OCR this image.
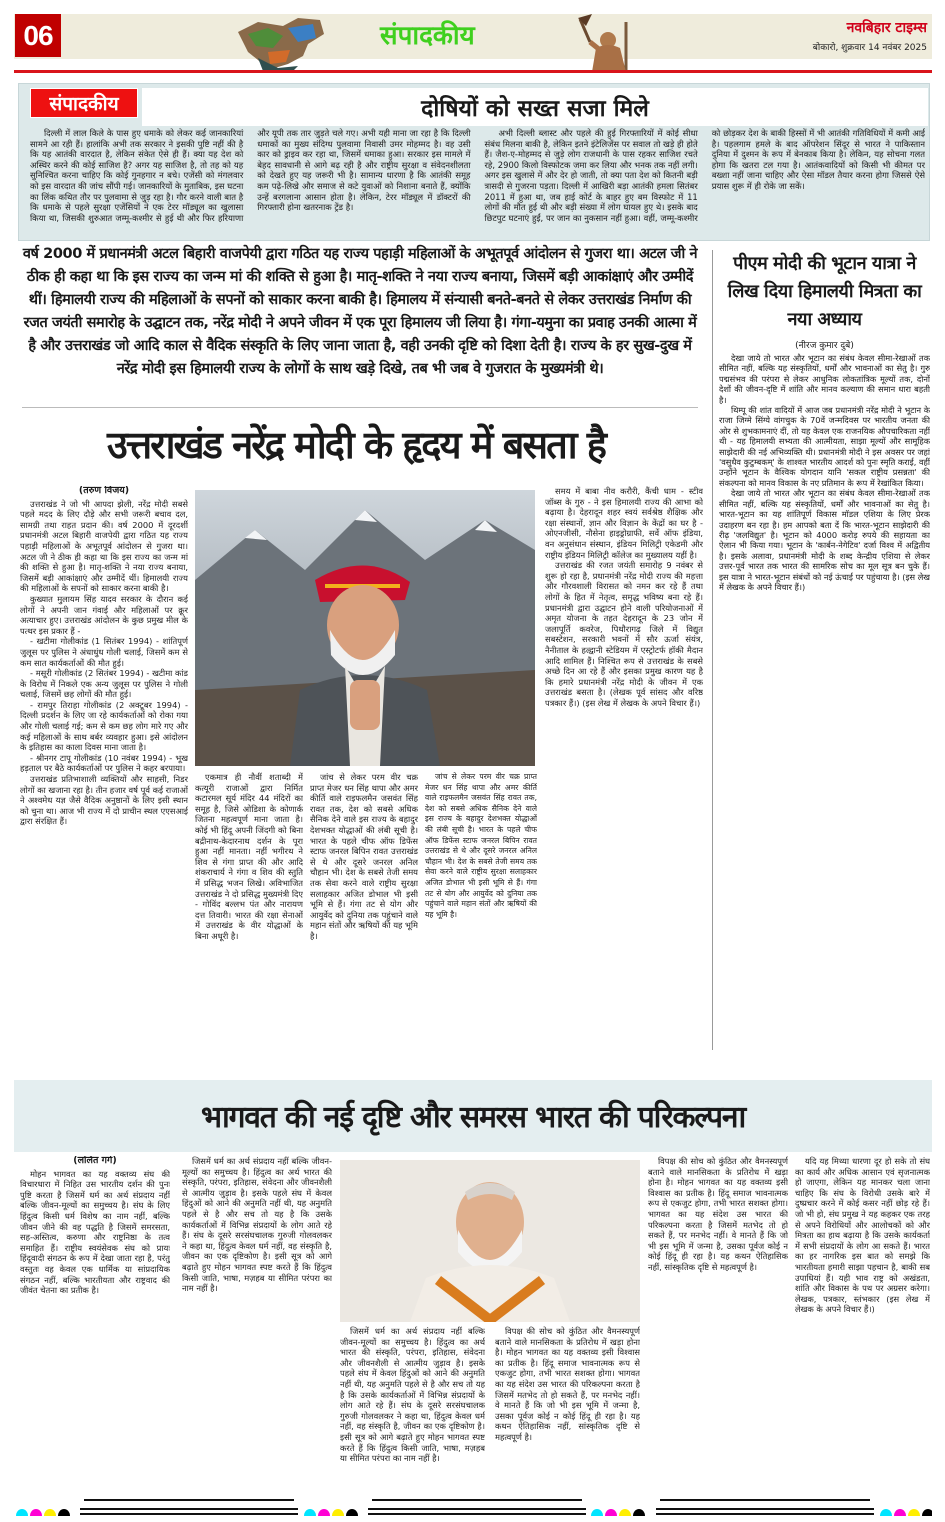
06	संपादकीय	नवबिहार टाइम्स
बोकारो, शुक्रवार 14 नवंबर 2025
संपादकीय	दोषियों को सख्त सजा मिले

दिल्ली में लाल किले के पास हुए धमाके को लेकर कई जानकारियां सामने आ रही हैं। हालांकि अभी तक सरकार ने इसकी पुष्टि नहीं की है कि यह आतंकी वारदात है, लेकिन संकेत ऐसे ही हैं। क्या यह देश को अस्थिर करने की कोई साजिश है? अगर यह साजिश है, तो तह को यह सुनिश्चित करना चाहिए कि कोई गुनहगार न बचे। एजेंसी को मंगलवार को इस वारदात की जांच सौंपी गई। जानकारियों के मुताबिक, इस घटना का लिंक कथित तौर पर पुलवामा से जुड़ रहा है। गौर करने वाली बात है कि धमाके से पहले सुरक्षा एजेंसियों ने एक टेरर मॉड्यूल का खुलासा किया था, जिसकी शुरुआत जम्मू-कश्मीर से हुई थी और फिर हरियाणा और यूपी तक तार जुड़ते चले गए। अभी यही माना जा रहा है कि दिल्ली धमाकों का मुख्य संदिग्ध पुलवामा निवासी उमर मोहम्मद है। वह उसी कार को ड्राइव कर रहा था, जिसमें धमाका हुआ। सरकार इस मामले में बेहद सावधानी से आगे बढ़ रही है और राष्ट्रीय सुरक्षा व संवेदनशीलता को देखते हुए यह जरूरी भी है। सामान्य धारणा है कि आतंकी समूह कम पढ़े-लिखे और समाज से कटे युवाओं को निशाना बनाते हैं, क्योंकि उन्हें बरगलाना आसान होता है। लेकिन, टेरर मॉड्यूल में डॉक्टरों की गिरफ्तारी होना खतरनाक ट्रेंड है।

अभी दिल्ली ब्लास्ट और पहले की हुई गिरफ्तारियों में कोई सीधा संबंध मिलना बाकी है, लेकिन इतने इंटेलिजेंस पर सवाल तो खड़े ही होते हैं। जैश-ए-मोहम्मद से जुड़े लोग राजधानी के पास रहकर साजिश रचते रहे, 2900 किलो विस्फोटक जमा कर लिया और भनक तक नहीं लगी। अगर इस खुलासे में और देर हो जाती, तो क्या पता देश को कितनी बड़ी त्रासदी से गुजरना पड़ता। दिल्ली में आखिरी बड़ा आतंकी हमला सितंबर 2011 में हुआ था, जब हाई कोर्ट के बाहर हुए बम विस्फोट में 11 लोगों की मौत हुई थी और बड़ी संख्या में लोग घायल हुए थे। इसके बाद छिटपुट घटनाएं हुईं, पर जान का नुकसान नहीं हुआ। वहीं, जम्मू-कश्मीर को छोड़कर देश के बाकी हिस्सों में भी आतंकी गतिविधियों में कमी आई है। पहलगाम हमले के बाद ऑपरेशन सिंदूर से भारत ने पाकिस्तान दुनिया में दुश्मन के रूप में बेनकाब किया है। लेकिन, यह सोचना गलत होगा कि खतरा टल गया है। आतंकवादियों को किसी भी कीमत पर बख्शा नहीं जाना चाहिए और ऐसा मॉडल तैयार करना होगा जिससे ऐसे प्रयास शुरू में ही रोके जा सकें।

वर्ष 2000 में प्रधानमंत्री अटल बिहारी वाजपेयी द्वारा गठित यह राज्य पहाड़ी महिलाओं के अभूतपूर्व आंदोलन से गुजरा था। अटल जी ने ठीक ही कहा था कि इस राज्य का जन्म मां की शक्ति से हुआ है। मातृ-शक्ति ने नया राज्य बनाया, जिसमें बड़ी आकांक्षाएं और उम्मीदें थीं। हिमालयी राज्य की महिलाओं के सपनों को साकार करना बाकी है। हिमालय में संन्यासी बनते-बनते से लेकर उत्तराखंड निर्माण की रजत जयंती समारोह के उद्घाटन तक, नरेंद्र मोदी ने अपने जीवन में एक पूरा हिमालय जी लिया है। गंगा-यमुना का प्रवाह उनकी आत्मा में है और उत्तराखंड जो आदि काल से वैदिक संस्कृति के लिए जाना जाता है, वही उनकी दृष्टि को दिशा देती है। राज्य के हर सुख-दुख में नरेंद्र मोदी इस हिमालयी राज्य के लोगों के साथ खड़े दिखे, तब भी जब वे गुजरात के मुख्यमंत्री थे।
पीएम मोदी की भूटान यात्रा ने लिख दिया हिमालयी मित्रता का नया अध्याय
(नीरज कुमार दुबे)

देखा जाये तो भारत और भूटान का संबंध केवल सीमा-रेखाओं तक सीमित नहीं, बल्कि यह संस्कृतियों, धर्मों और भावनाओं का सेतु है। गुरु पद्मसंभव की परंपरा से लेकर आधुनिक लोकतांत्रिक मूल्यों तक, दोनों देशों की जीवन-दृष्टि में शांति और मानव कल्याण की समान धारा बहती है।

थिम्पू की शांत वादियों में आज जब प्रधानमंत्री नरेंद्र मोदी ने भूटान के राजा जिग्मे सिंग्ये वांगचुक के 70वें जन्मदिवस पर भारतीय जनता की ओर से शुभकामनाएं दीं, तो यह केवल एक राजनयिक औपचारिकता नहीं थी - यह हिमालयी सभ्यता की आत्मीयता, साझा मूल्यों और सामूहिक साझेदारी की नई अभिव्यक्ति थी। प्रधानमंत्री मोदी ने इस अवसर पर जहां 'वसुधैव कुटुम्बकम्' के शाश्वत भारतीय आदर्श को पुनः स्मृति कराई, वहीं उन्होंने भूटान के वैश्विक योगदान यानि 'सकल राष्ट्रीय प्रसन्नता' की संकल्पना को मानव विकास के नए प्रतिमान के रूप में रेखांकित किया।

देखा जाये तो भारत और भूटान का संबंध केवल सीमा-रेखाओं तक सीमित नहीं, बल्कि यह संस्कृतियों, धर्मों और भावनाओं का सेतु है। भारत-भूटान का यह शांतिपूर्ण विकास मॉडल एशिया के लिए प्रेरक उदाहरण बन रहा है। हम आपको बता दें कि भारत-भूटान साझेदारी की रीढ़ 'जलविद्युत' है। भूटान को 4000 करोड़ रुपये की सहायता का ऐलान भी किया गया। भूटान के 'कार्बन-नेगेटिव' दर्जा विश्व में अद्वितीय है। इसके अलावा, प्रधानमंत्री मोदी के शब्द केन्द्रीय एशिया से लेकर उत्तर-पूर्व भारत तक भारत की सामरिक सोच का मूल सूत्र बन चुके हैं। इस यात्रा ने भारत-भूटान संबंधों को नई ऊंचाई पर पहुंचाया है। (इस लेख में लेखक के अपने विचार हैं।)

उत्तराखंड नरेंद्र मोदी के हृदय में बसता है
(तरुण विजय)

उत्तराखंड ने जो भी आपदा झेली, नरेंद्र मोदी सबसे पहले मदद के लिए दौड़े और सभी जरूरी बचाव दल, सामग्री तथा राहत प्रदान की। वर्ष 2000 में दूरदर्शी प्रधानमंत्री अटल बिहारी वाजपेयी द्वारा गठित यह राज्य पहाड़ी महिलाओं के अभूतपूर्व आंदोलन से गुजरा था। अटल जी ने ठीक ही कहा था कि इस राज्य का जन्म मां की शक्ति से हुआ है। मातृ-शक्ति ने नया राज्य बनाया, जिसमें बड़ी आकांक्षाएं और उम्मीदें थीं। हिमालयी राज्य की महिलाओं के सपनों को साकार करना बाकी है।

कुख्यात मुलायम सिंह यादव सरकार के दौरान कई लोगों ने अपनी जान गंवाई और महिलाओं पर क्रूर अत्याचार हुए। उत्तराखंड आंदोलन के कुछ प्रमुख मील के पत्थर इस प्रकार हैं -

- खटीमा गोलीकांड (1 सितंबर 1994) - शांतिपूर्ण जुलूस पर पुलिस ने अंधाधुंध गोली चलाई, जिसमें कम से कम सात कार्यकर्ताओं की मौत हुई।

- मसूरी गोलीकांड (2 सितंबर 1994) - खटीमा कांड के विरोध में निकले एक अन्य जुलूस पर पुलिस ने गोली चलाई, जिसमें छह लोगों की मौत हुई।

- रामपुर तिराहा गोलीकांड (2 अक्टूबर 1994) - दिल्ली प्रदर्शन के लिए जा रहे कार्यकर्ताओं को रोका गया और गोली चलाई गई; कम से कम छह लोग मारे गए और कई महिलाओं के साथ बर्बर व्यवहार हुआ। इसे आंदोलन के इतिहास का काला दिवस माना जाता है।

- श्रीनगर टापू गोलीकांड (10 नवंबर 1994) - भूख हड़ताल पर बैठे कार्यकर्ताओं पर पुलिस ने कहर बरपाया।

उत्तराखंड प्रतिभाशाली व्यक्तियों और साहसी, निडर लोगों का खजाना रहा है। तीन हजार वर्ष पूर्व कई राजाओं ने अश्वमेध यज्ञ जैसे वैदिक अनुष्ठानों के लिए इसी स्थान को चुना था। आज भी राज्य में दो प्राचीन स्थल एएसआई द्वारा संरक्षित हैं।

एकमात्र ही नौवीं शताब्दी में कत्यूरी राजाओं द्वारा निर्मित कटारमल सूर्य मंदिर 44 मंदिरों का समूह है, जिसे ओडिशा के कोणार्क जितना महत्वपूर्ण माना जाता है। कोई भी हिंदू अपनी जिंदगी को बिना बद्रीनाथ-केदारनाथ दर्शन के पूरा हुआ नहीं मानता। नहीं भगीरथ ने शिव से गंगा प्राप्त की और आदि शंकराचार्य ने गंगा व शिव की स्तुति में प्रसिद्ध भजन लिखे। अविभाजित उत्तराखंड ने दो प्रसिद्ध मुख्यमंत्री दिए - गोविंद बल्लभ पंत और नारायण दत्त तिवारी। भारत की रक्षा सेनाओं में उत्तराखंड के वीर योद्धाओं के बिना अधूरी है।

जांच से लेकर परम वीर चक्र प्राप्त मेजर धन सिंह थापा और अमर कीर्ति वाले राइफलमैन जसवंत सिंह रावत तक, देश को सबसे अधिक सैनिक देने वाले इस राज्य के बहादुर देशभक्त योद्धाओं की लंबी सूची है। भारत के पहले चीफ ऑफ डिफेंस स्टाफ जनरल बिपिन रावत उत्तराखंड से थे और दूसरे जनरल अनिल चौहान भी। देश के सबसे तेजी समय तक सेवा करने वाले राष्ट्रीय सुरक्षा सलाहकार अजित डोभाल भी इसी भूमि से हैं। गंगा तट से योग और आयुर्वेद को दुनिया तक पहुंचाने वाले महान संतों और ऋषियों की यह भूमि है।

जांच से लेकर परम वीर चक्र प्राप्त मेजर धन सिंह थापा और अमर कीर्ति वाले राइफलमैन जसवंत सिंह रावत तक, देश को सबसे अधिक सैनिक देने वाले इस राज्य के बहादुर देशभक्त योद्धाओं की लंबी सूची है। भारत के पहले चीफ ऑफ डिफेंस स्टाफ जनरल बिपिन रावत उत्तराखंड से थे और दूसरे जनरल अनिल चौहान भी। देश के सबसे तेजी समय तक सेवा करने वाले राष्ट्रीय सुरक्षा सलाहकार अजित डोभाल भी इसी भूमि से हैं। गंगा तट से योग और आयुर्वेद को दुनिया तक पहुंचाने वाले महान संतों और ऋषियों की यह भूमि है।

समय में बाबा नीव करौरी, कैंची धाम - स्टीव जॉब्स के गुरु - ने इस हिमालयी राज्य की आभा को बढ़ाया है। देहरादून शहर स्वयं सर्वश्रेष्ठ शैक्षिक और रक्षा संस्थानों, ज्ञान और विज्ञान के केंद्रों का घर है - ओएनजीसी, नौसेना हाइड्रोग्राफी, सर्वे ऑफ इंडिया, वन अनुसंधान संस्थान, इंडियन मिलिट्री एकेडमी और राष्ट्रीय इंडियन मिलिट्री कॉलेज का मुख्यालय यहीं है।

उत्तराखंड की रजत जयंती समारोह 9 नवंबर से शुरू हो रहा है, प्रधानमंत्री नरेंद्र मोदी राज्य की महत्ता और गौरवशाली विरासत को नमन कर रहे हैं तथा लोगों के हित में नेतृत्व, समृद्ध भविष्य बना रहे हैं। प्रधानमंत्री द्वारा उद्घाटन होने वाली परियोजनाओं में अमृत योजना के तहत देहरादून के 23 जोन में जलापूर्ति कवरेज, पिथौरागढ़ जिले में विद्युत सबस्टेशन, सरकारी भवनों में सौर ऊर्जा संयंत्र, नैनीताल के हल्द्वानी स्टेडियम में एस्ट्रोटर्फ हॉकी मैदान आदि शामिल हैं। निश्चित रूप से उत्तराखंड के सबसे अच्छे दिन आ रहे हैं और इसका प्रमुख कारण यह है कि हमारे प्रधानमंत्री नरेंद्र मोदी के जीवन में एक उत्तराखंड बसता है। (लेखक पूर्व सांसद और वरिष्ठ पत्रकार हैं।) (इस लेख में लेखक के अपने विचार हैं।)

भागवत की नई दृष्टि और समरस भारत की परिकल्पना
(ललित गर्ग)

मोहन भागवत का यह वक्तव्य संघ की विचारधारा में निहित उस भारतीय दर्शन की पुनः पुष्टि करता है जिसमें धर्म का अर्थ संप्रदाय नहीं बल्कि जीवन-मूल्यों का समुच्चय है। संघ के लिए हिंदुत्व किसी धर्म विशेष का नाम नहीं, बल्कि जीवन जीने की वह पद्धति है जिसमें समरसता, सह-अस्तित्व, करुणा और राष्ट्रनिष्ठा के तत्व समाहित हैं। राष्ट्रीय स्वयंसेवक संघ को प्रायः हिंदूवादी संगठन के रूप में देखा जाता रहा है, परंतु वस्तुतः वह केवल एक धार्मिक या सांप्रदायिक संगठन नहीं, बल्कि भारतीयता और राष्ट्रवाद की जीवंत चेतना का प्रतीक है।

जिसमें धर्म का अर्थ संप्रदाय नहीं बल्कि जीवन-मूल्यों का समुच्चय है। हिंदुत्व का अर्थ भारत की संस्कृति, परंपरा, इतिहास, संवेदना और जीवनशैली से आत्मीय जुड़ाव है। इसके पहले संघ में केवल हिंदुओं को आने की अनुमति नहीं थी, यह अनुमति पहले से है और सच तो यह है कि उसके कार्यकर्ताओं में विभिन्न संप्रदायों के लोग आते रहे हैं। संघ के दूसरे सरसंघचालक गुरुजी गोलवलकर ने कहा था, हिंदुत्व केवल धर्म नहीं, वह संस्कृति है, जीवन का एक दृष्टिकोण है। इसी सूत्र को आगे बढ़ाते हुए मोहन भागवत स्पष्ट करते हैं कि हिंदुत्व किसी जाति, भाषा, मज़हब या सीमित परंपरा का नाम नहीं है।

जिसमें धर्म का अर्थ संप्रदाय नहीं बल्कि जीवन-मूल्यों का समुच्चय है। हिंदुत्व का अर्थ भारत की संस्कृति, परंपरा, इतिहास, संवेदना और जीवनशैली से आत्मीय जुड़ाव है। इसके पहले संघ में केवल हिंदुओं को आने की अनुमति नहीं थी, यह अनुमति पहले से है और सच तो यह है कि उसके कार्यकर्ताओं में विभिन्न संप्रदायों के लोग आते रहे हैं। संघ के दूसरे सरसंघचालक गुरुजी गोलवलकर ने कहा था, हिंदुत्व केवल धर्म नहीं, वह संस्कृति है, जीवन का एक दृष्टिकोण है। इसी सूत्र को आगे बढ़ाते हुए मोहन भागवत स्पष्ट करते हैं कि हिंदुत्व किसी जाति, भाषा, मज़हब या सीमित परंपरा का नाम नहीं है।

विपक्ष की सोच को कुंठित और वैमनस्यपूर्ण बताने वाले मानसिकता के प्रतिरोध में खड़ा होना है। मोहन भागवत का यह वक्तव्य इसी विश्वास का प्रतीक है। हिंदू समाज भावनात्मक रूप से एकजुट होगा, तभी भारत सशक्त होगा। भागवत का यह संदेश उस भारत की परिकल्पना करता है जिसमें मतभेद तो हो सकते हैं, पर मनभेद नहीं। वे मानते हैं कि जो भी इस भूमि में जन्मा है, उसका पूर्वज कोई न कोई हिंदू ही रहा है। यह कथन ऐतिहासिक नहीं, सांस्कृतिक दृष्टि से महत्वपूर्ण है।

विपक्ष की सोच को कुंठित और वैमनस्यपूर्ण बताने वाले मानसिकता के प्रतिरोध में खड़ा होना है। मोहन भागवत का यह वक्तव्य इसी विश्वास का प्रतीक है। हिंदू समाज भावनात्मक रूप से एकजुट होगा, तभी भारत सशक्त होगा। भागवत का यह संदेश उस भारत की परिकल्पना करता है जिसमें मतभेद तो हो सकते हैं, पर मनभेद नहीं। वे मानते हैं कि जो भी इस भूमि में जन्मा है, उसका पूर्वज कोई न कोई हिंदू ही रहा है। यह कथन ऐतिहासिक नहीं, सांस्कृतिक दृष्टि से महत्वपूर्ण है।

यदि यह मिथ्या धारणा दूर हो सके तो संघ का कार्य और अधिक आसान एवं सृजनात्मक हो जाएगा, लेकिन यह मानकर चला जाना चाहिए कि संघ के विरोधी उसके बारे में दुष्प्रचार करने में कोई कसर नहीं छोड़ रहे हैं। जो भी हो, संघ प्रमुख ने यह कहकर एक तरह से अपने विरोधियों और आलोचकों को और मित्रता का हाथ बढ़ाया है कि उसके कार्यकर्ता में सभी संप्रदायों के लोग आ सकते हैं। भारत का हर नागरिक इस बात को समझे कि भारतीयता हमारी साझा पहचान है, बाकी सब उपाधियां हैं। यही भाव राष्ट्र को अखंडता, शांति और विकास के पथ पर अग्रसर करेगा। लेखक, पत्रकार, स्तंभकार (इस लेख में लेखक के अपने विचार हैं।)
